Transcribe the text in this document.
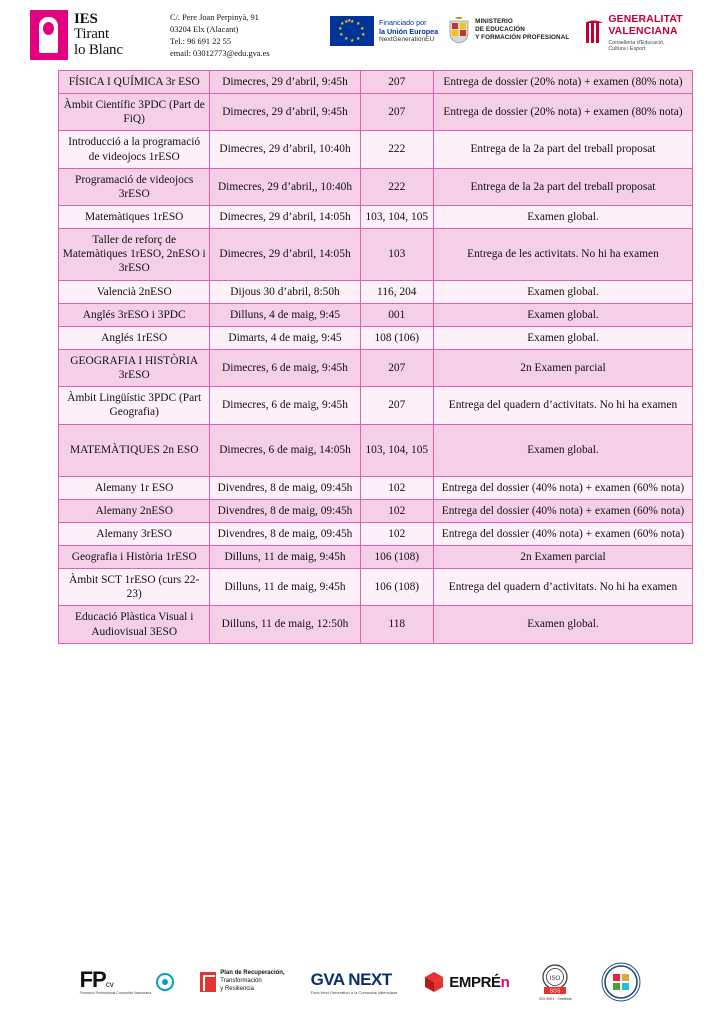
IES
Tirant
lo Blanc
C/. Pere Joan Perpinyà, 91
03204 Elx (Alacant)
Tel.: 96 691 22 55
email: 03012773@edu.gva.es
★ ★
★
★
★
★
★
★
★
★ ★
★	Financiado por
la Unión Europea
NextGenerationEU
MINISTERIO
DE EDUCACIÓN
Y FORMACIÓN PROFESIONAL
GENERALITAT
VALENCIANA
Conselleria d'Educació,
Cultura i Esport
FÍSICA I QUÍMICA 3r ESO	Dimecres, 29 d’abril, 9:45h	207	Entrega de dossier (20% nota) + examen (80% nota)
Àmbit Científic 3PDC (Part de FiQ)	Dimecres, 29 d’abril, 9:45h	207	Entrega de dossier (20% nota) + examen (80% nota)
Introducció a la programació de videojocs 1rESO	Dimecres, 29 d’abril, 10:40h	222	Entrega de la 2a part del treball proposat
Programació de videojocs 3rESO	Dimecres, 29 d’abril,, 10:40h	222	Entrega de la 2a part del treball proposat
Matemàtiques 1rESO	Dimecres, 29 d’abril, 14:05h	103, 104, 105	Examen global.
Taller de reforç de Matemàtiques 1rESO, 2nESO i 3rESO	Dimecres, 29 d’abril, 14:05h	103	Entrega de les activitats. No hi ha examen
Valencià 2nESO	Dijous 30 d’abril, 8:50h	116, 204	Examen global.
Anglés 3rESO i 3PDC	Dilluns, 4 de maig, 9:45	001	Examen global.
Anglés 1rESO	Dimarts, 4 de maig, 9:45	108 (106)	Examen global.
GEOGRAFIA I HISTÒRIA 3rESO	Dimecres, 6 de maig, 9:45h	207	2n Examen parcial
Àmbit Lingüístic 3PDC (Part Geografia)	Dimecres, 6 de maig, 9:45h	207	Entrega del quadern d’activitats. No hi ha examen
MATEMÀTIQUES 2n ESO	Dimecres, 6 de maig, 14:05h	103, 104, 105	Examen global.
Alemany 1r ESO	Divendres, 8 de maig, 09:45h	102	Entrega del dossier (40% nota) + examen (60% nota)
Alemany 2nESO	Divendres, 8 de maig, 09:45h	102	Entrega del dossier (40% nota) + examen (60% nota)
Alemany 3rESO	Divendres, 8 de maig, 09:45h	102	Entrega del dossier (40% nota) + examen (60% nota)
Geografia i Història 1rESO	Dilluns, 11 de maig, 9:45h	106 (108)	2n Examen parcial
Àmbit SCT 1rESO (curs 22-23)	Dilluns, 11 de maig, 9:45h	106 (108)	Entrega del quadern d’activitats. No hi ha examen
Educació Plàstica Visual i Audiovisual 3ESO	Dilluns, 11 de maig, 12:50h	118	Examen global.
FPcv
Formació Professional Comunitat Valenciana
Plan de Recuperación,
Transformación
y Resiliencia
GVA NEXT
Fons Next Generation a la Comunitat Valenciana
EMPRÉn	ISO
SGS
ISO 9001 · Certificat
